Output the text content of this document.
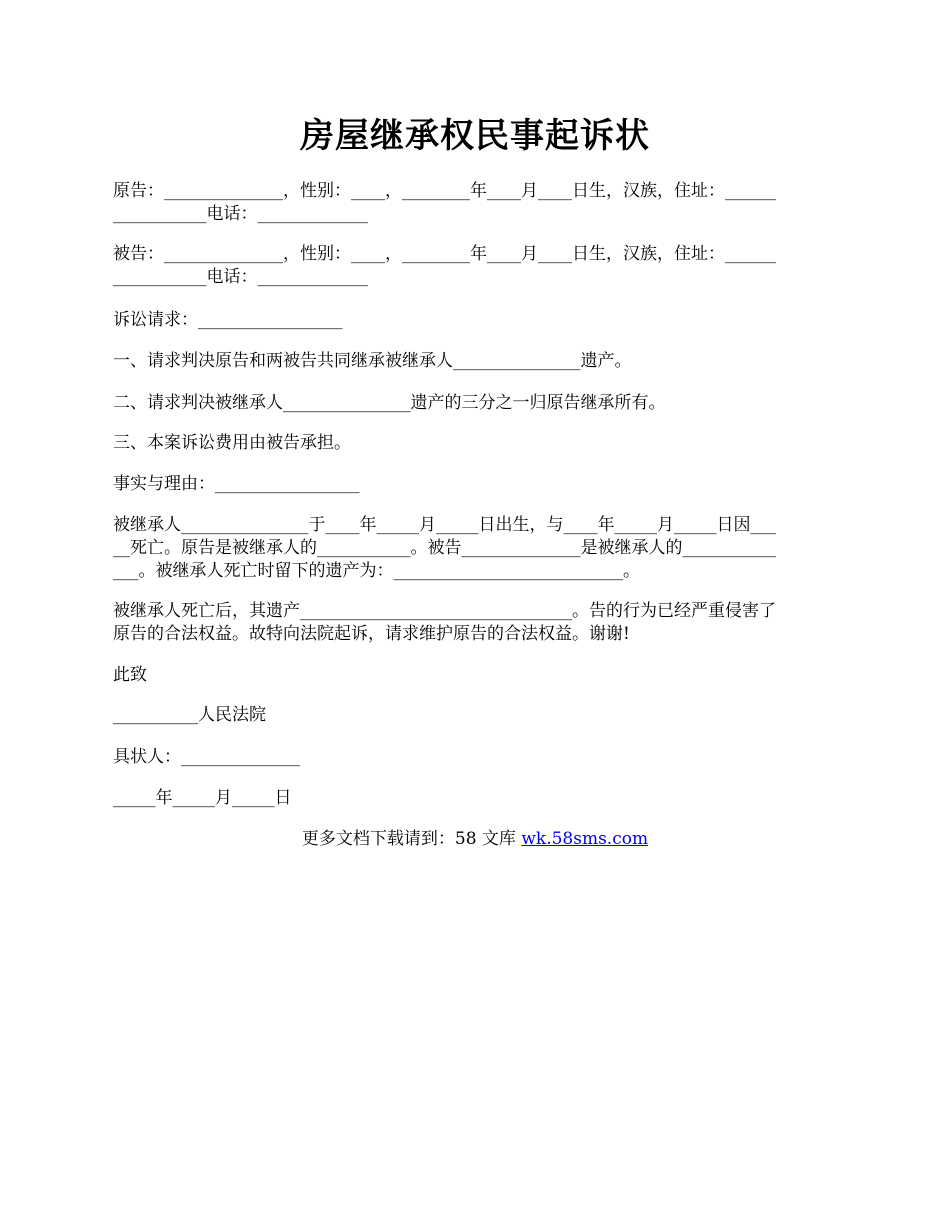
房屋继承权民事起诉状
原告：______________，性别：____，________年____月____日生，汉族，住址：______
___________电话：_____________
被告：______________，性别：____，________年____月____日生，汉族，住址：______
___________电话：_____________
诉讼请求：_________________
一、请求判决原告和两被告共同继承被继承人_______________遗产。
二、请求判决被继承人_______________遗产的三分之一归原告继承所有。
三、本案诉讼费用由被告承担。
事实与理由：_________________
被继承人_______________于____年_____月_____日出生，与____年_____月_____日因___
__死亡。原告是被继承人的___________。被告______________是被继承人的___________
___。被继承人死亡时留下的遗产为：___________________________。
被继承人死亡后，其遗产________________________________。告的行为已经严重侵害了
原告的合法权益。故特向法院起诉，请求维护原告的合法权益。谢谢!
此致
__________人民法院
具状人：______________
_____年_____月_____日
更多文档下载请到：58 文库 wk.58sms.com
